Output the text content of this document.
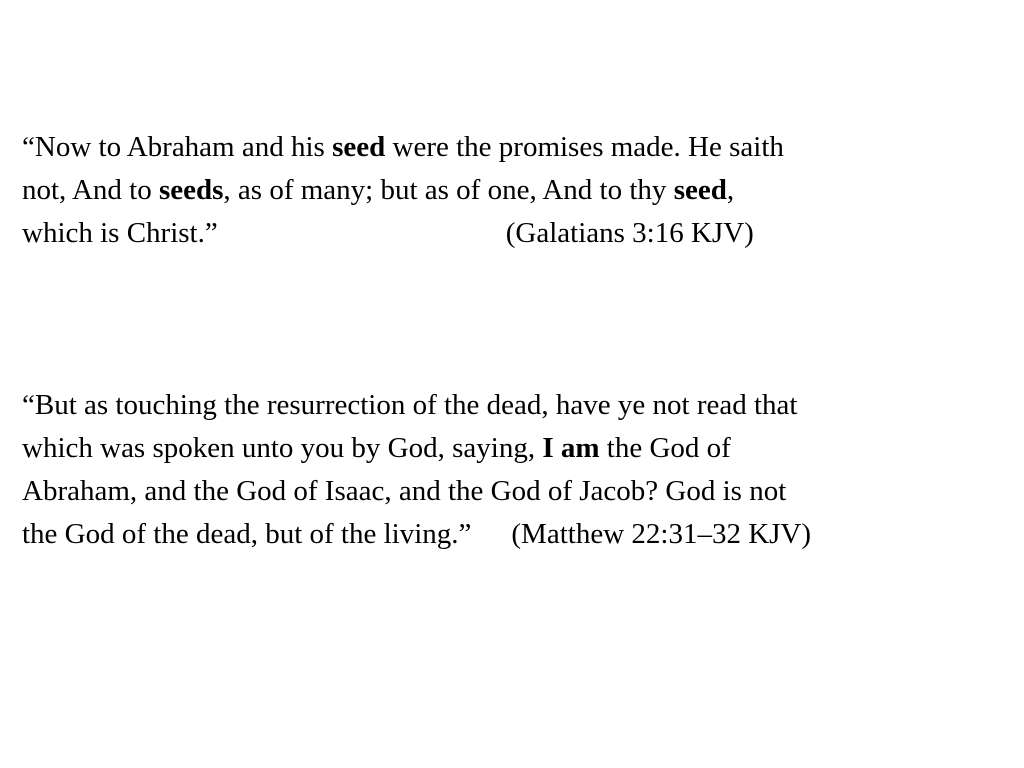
“Now to Abraham and his seed were the promises made. He saith
not, And to seeds, as of many; but as of one, And to thy seed,
which is Christ.”	(Galatians 3:16 KJV)
“But as touching the resurrection of the dead, have ye not read that
which was spoken unto you by God, saying, I am the God of
Abraham, and the God of Isaac, and the God of Jacob? God is not
the God of the dead, but of the living.” (Matthew 22:31–32 KJV)
